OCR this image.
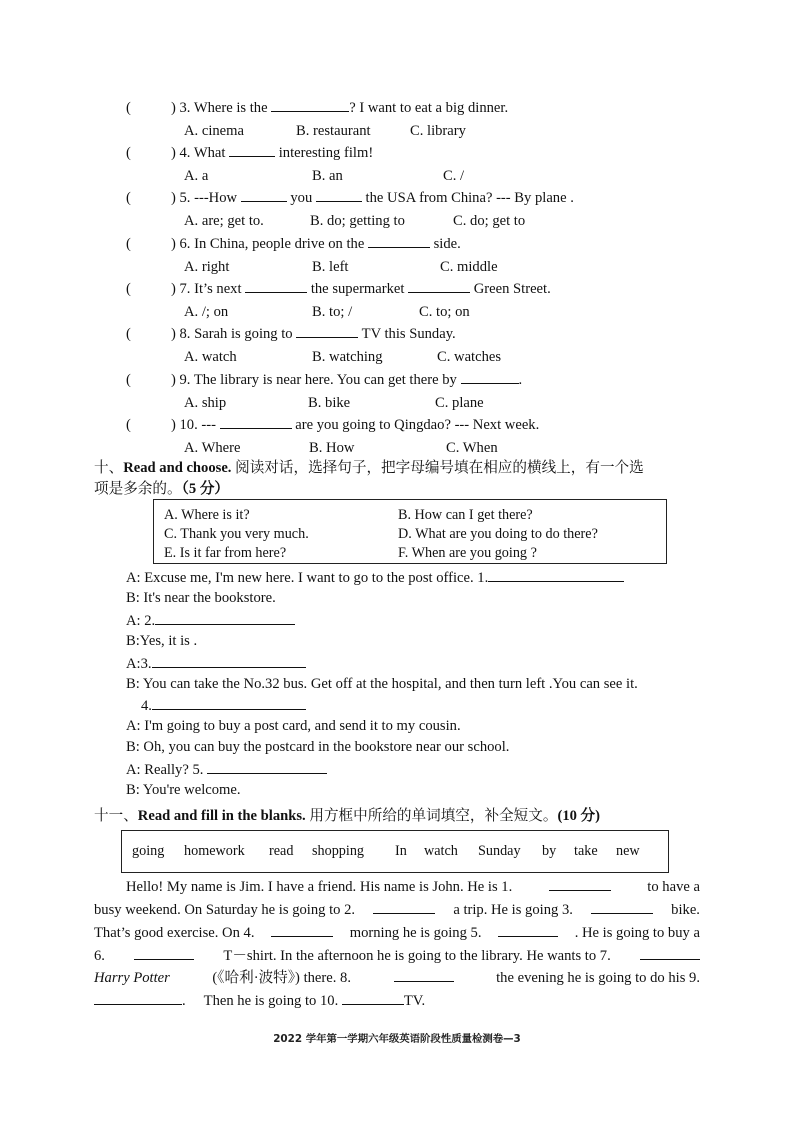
(	) 3. Where is the	? I want to eat a big dinner.
A. cinema	B. restaurant	C. library
(	) 4. What	interesting film!
A. a	B. an	C. /
(	) 5. ---How	you	the USA from China? --- By plane .
A. are; get to.	B. do; getting to	C. do; get to
(	) 6. In China, people drive on the	side.
A. right	B. left	C. middle
(	) 7. It’s next	the supermarket	Green Street.
A. /; on	B. to; /	C. to; on
(	) 8. Sarah is going to	TV this Sunday.
A. watch	B. watching	C. watches
(	) 9. The library is near here. You can get there by	.
A. ship	B. bike	C. plane
(	) 10. ---	are you going to Qingdao? --- Next week.
A. Where	B. How	C. When
十、Read and choose. 阅读对话，选择句子，把字母编号填在相应的横线上，有一个选
项是多余的。（5 分）
A. Where is it?	B. How can I get there?
C. Thank you very much.	D. What are you doing to do there?
E. Is it far from here?	F. When are you going ?
A: Excuse me, I'm new here. I want to go to the post office. 1.
B: It's near the bookstore.
A: 2.
B:Yes, it is .
A:3.
B: You can take the No.32 bus. Get off at the hospital, and then turn left .You can see it.
4.
A: I'm going to buy a post card, and send it to my cousin.
B: Oh, you can buy the postcard in the bookstore near our school.
A: Really? 5.
B: You're welcome.
十一、Read and fill in the blanks. 用方框中所给的单词填空，补全短文。(10 分)
going homework read shopping In watch Sunday by take new
Hello! My name is Jim. I have a friend. His name is John. He is 1.	to have a
busy weekend. On Saturday he is going to 2.	a trip. He is going 3.	bike.
That’s good exercise. On 4.	morning he is going 5.	. He is going to buy a
6.	T－shirt. In the afternoon he is going to the library. He wants to 7.
Harry Potter	(《哈利·波特》) there. 8.	the evening he is going to do his 9.
. Then he is going to 10.	TV.
2022 学年第一学期六年级英语阶段性质量检测卷—3
